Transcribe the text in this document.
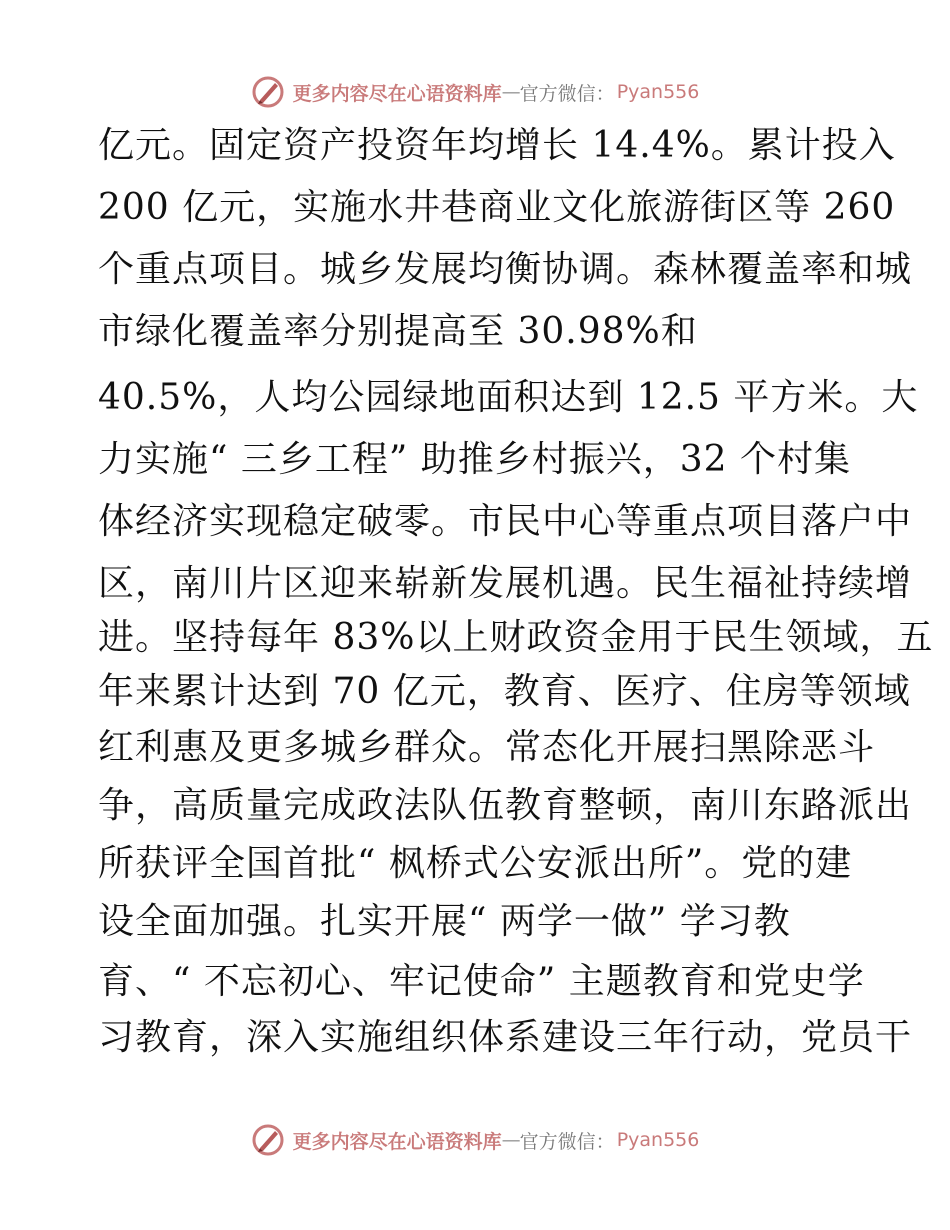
更多内容尽在心语资料库 — 官方微信： Pyan556
亿元。固定资产投资年均增长 14.4%。累计投入
200 亿元，实施水井巷商业文化旅游街区等 260
个重点项目。城乡发展均衡协调。森林覆盖率和城
市绿化覆盖率分别提高至 30.98%和
40.5%，人均公园绿地面积达到 12.5 平方米。大
力实施“ 三乡工程” 助推乡村振兴，32 个村集
体经济实现稳定破零。市民中心等重点项目落户中
区，南川片区迎来崭新发展机遇。民生福祉持续增
进。坚持每年 83%以上财政资金用于民生领域，五
年来累计达到 70 亿元，教育、医疗、住房等领域
红利惠及更多城乡群众。常态化开展扫黑除恶斗
争，高质量完成政法队伍教育整顿，南川东路派出
所获评全国首批“ 枫桥式公安派出所”。党的建
设全面加强。扎实开展“ 两学一做” 学习教
育、“ 不忘初心、牢记使命” 主题教育和党史学
习教育，深入实施组织体系建设三年行动，党员干
更多内容尽在心语资料库 — 官方微信： Pyan556
